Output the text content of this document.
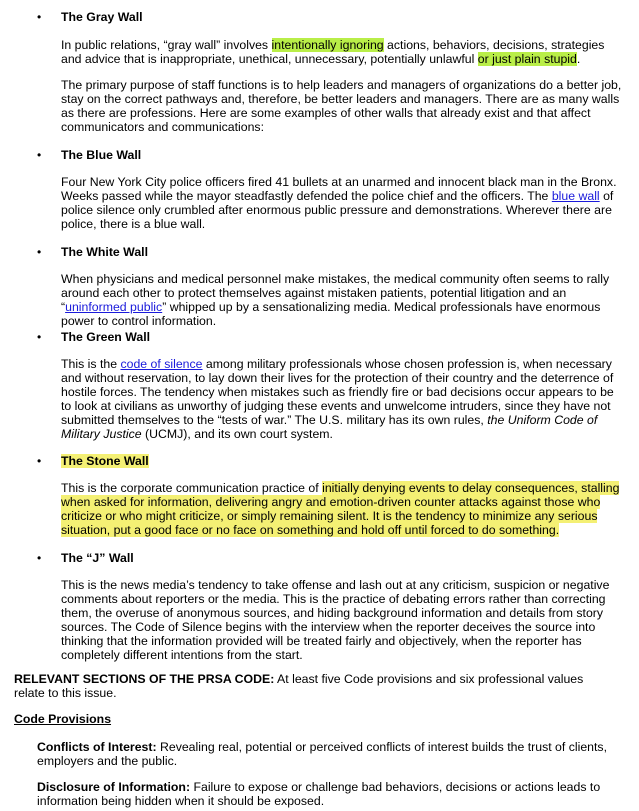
• The Gray Wall

In public relations, “gray wall” involves intentionally ignoring actions, behaviors, decisions, strategies and advice that is inappropriate, unethical, unnecessary, potentially unlawful or just plain stupid.

The primary purpose of staff functions is to help leaders and managers of organizations do a better job, stay on the correct pathways and, therefore, be better leaders and managers. There are as many walls as there are professions. Here are some examples of other walls that already exist and that affect communicators and communications:
• The Blue Wall

Four New York City police officers fired 41 bullets at an unarmed and innocent black man in the Bronx. Weeks passed while the mayor steadfastly defended the police chief and the officers. The blue wall of police silence only crumbled after enormous public pressure and demonstrations. Wherever there are police, there is a blue wall.

• The White Wall

When physicians and medical personnel make mistakes, the medical community often seems to rally around each other to protect themselves against mistaken patients, potential litigation and an “uninformed public” whipped up by a sensationalizing media. Medical professionals have enormous power to control information.

• The Green Wall

This is the code of silence among military professionals whose chosen profession is, when necessary and without reservation, to lay down their lives for the protection of their country and the deterrence of hostile forces. The tendency when mistakes such as friendly fire or bad decisions occur appears to be to look at civilians as unworthy of judging these events and unwelcome intruders, since they have not submitted themselves to the “tests of war.” The U.S. military has its own rules, the Uniform Code of Military Justice (UCMJ), and its own court system.

• The Stone Wall

This is the corporate communication practice of initially denying events to delay consequences, stalling when asked for information, delivering angry and emotion-driven counter attacks against those who criticize or who might criticize, or simply remaining silent. It is the tendency to minimize any serious situation, put a good face or no face on something and hold off until forced to do something.

• The “J” Wall
This is the news media’s tendency to take offense and lash out at any criticism, suspicion or negative comments about reporters or the media. This is the practice of debating errors rather than correcting them, the overuse of anonymous sources, and hiding background information and details from story sources. The Code of Silence begins with the interview when the reporter deceives the source into thinking that the information provided will be treated fairly and objectively, when the reporter has completely different intentions from the start.
RELEVANT SECTIONS OF THE PRSA CODE: At least five Code provisions and six professional values relate to this issue.
Code Provisions
Conflicts of Interest: Revealing real, potential or perceived conflicts of interest builds the trust of clients, employers and the public.
Disclosure of Information: Failure to expose or challenge bad behaviors, decisions or actions leads to information being hidden when it should be exposed.
